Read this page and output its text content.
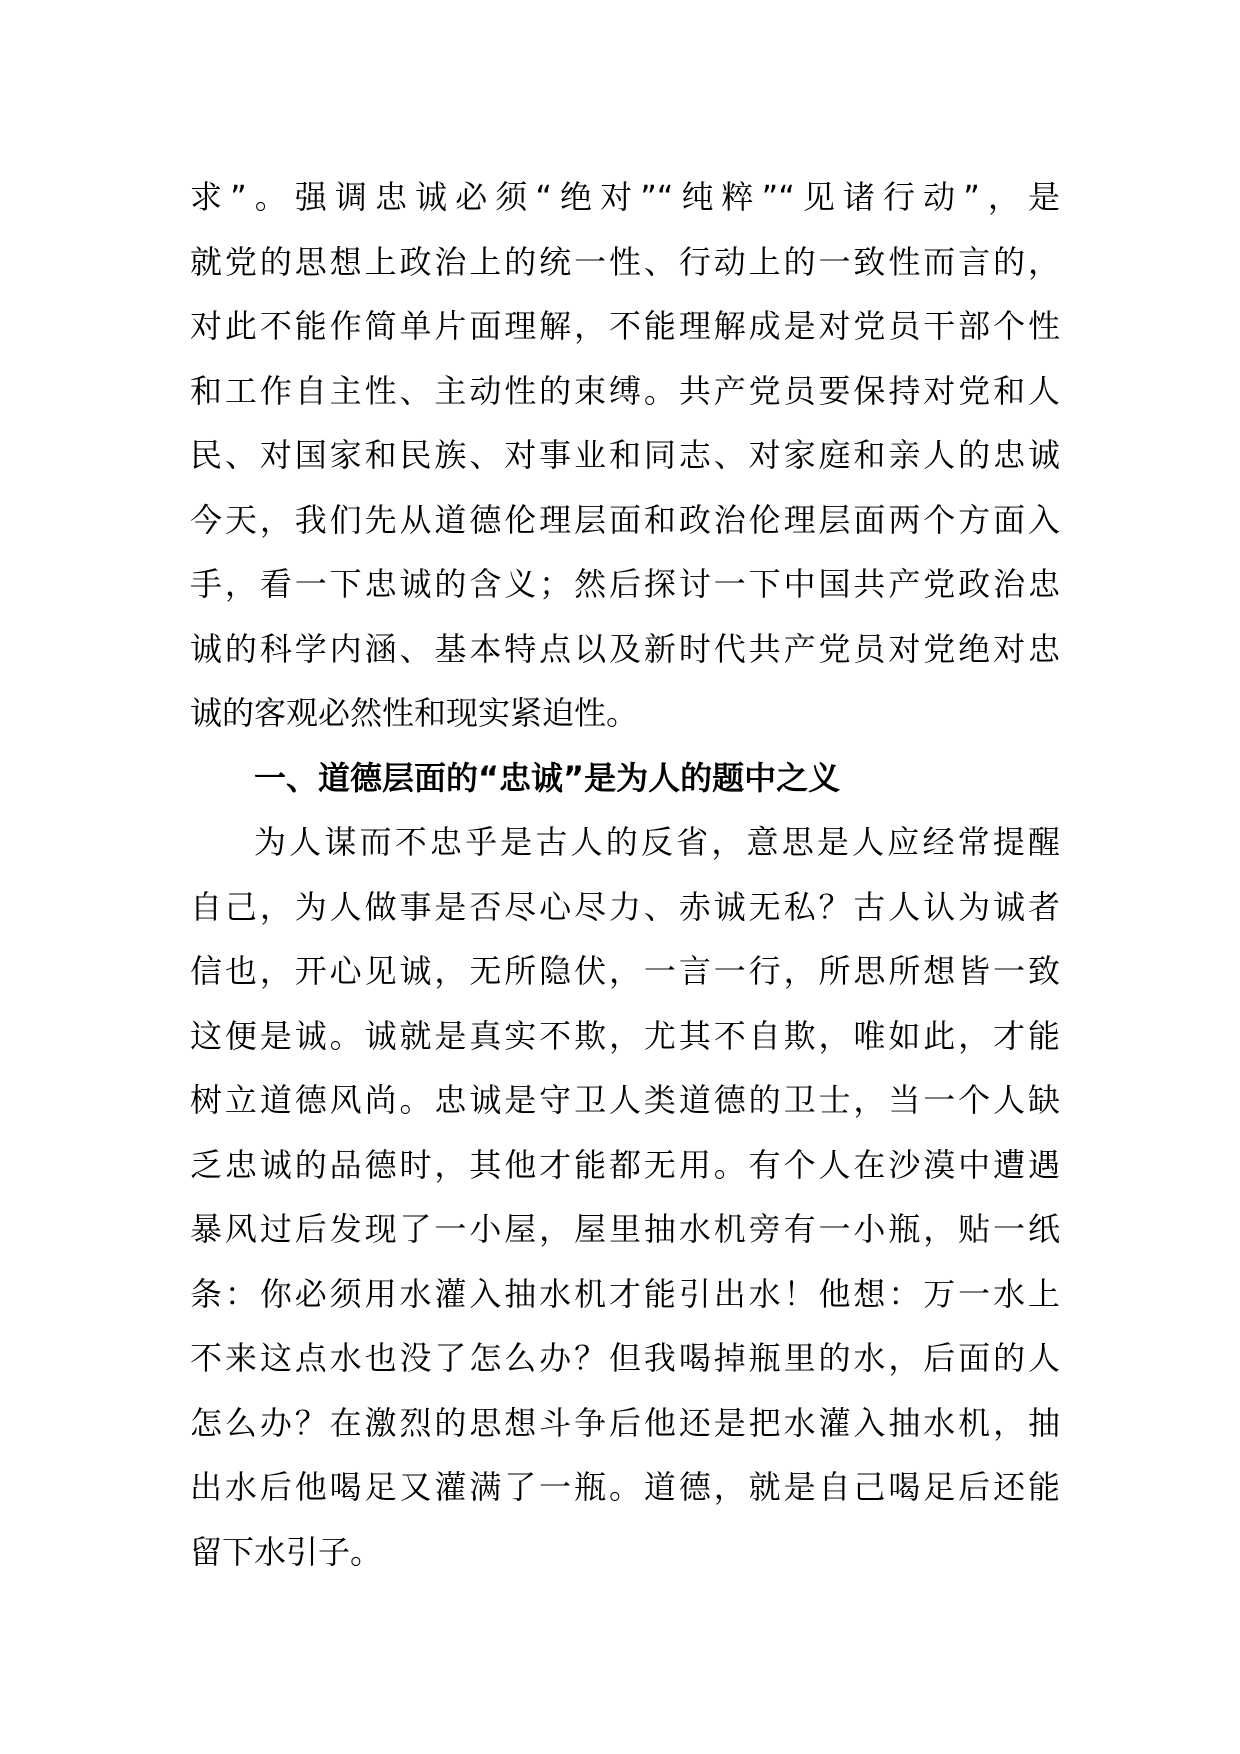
求”。强调忠诚必须“绝对”“纯粹”“见诸行动”，是
就党的思想上政治上的统一性、行动上的一致性而言的，
对此不能作简单片面理解，不能理解成是对党员干部个性
和工作自主性、主动性的束缚。共产党员要保持对党和人
民、对国家和民族、对事业和同志、对家庭和亲人的忠诚
今天，我们先从道德伦理层面和政治伦理层面两个方面入
手，看一下忠诚的含义；然后探讨一下中国共产党政治忠
诚的科学内涵、基本特点以及新时代共产党员对党绝对忠
诚的客观必然性和现实紧迫性。
一、道德层面的“忠诚”是为人的题中之义
为人谋而不忠乎是古人的反省，意思是人应经常提醒
自己，为人做事是否尽心尽力、赤诚无私？古人认为诚者
信也，开心见诚，无所隐伏，一言一行，所思所想皆一致
这便是诚。诚就是真实不欺，尤其不自欺，唯如此，才能
树立道德风尚。忠诚是守卫人类道德的卫士，当一个人缺
乏忠诚的品德时，其他才能都无用。有个人在沙漠中遭遇
暴风过后发现了一小屋，屋里抽水机旁有一小瓶，贴一纸
条：你必须用水灌入抽水机才能引出水！他想：万一水上
不来这点水也没了怎么办？但我喝掉瓶里的水，后面的人
怎么办？在激烈的思想斗争后他还是把水灌入抽水机，抽
出水后他喝足又灌满了一瓶。道德，就是自己喝足后还能
留下水引子。
